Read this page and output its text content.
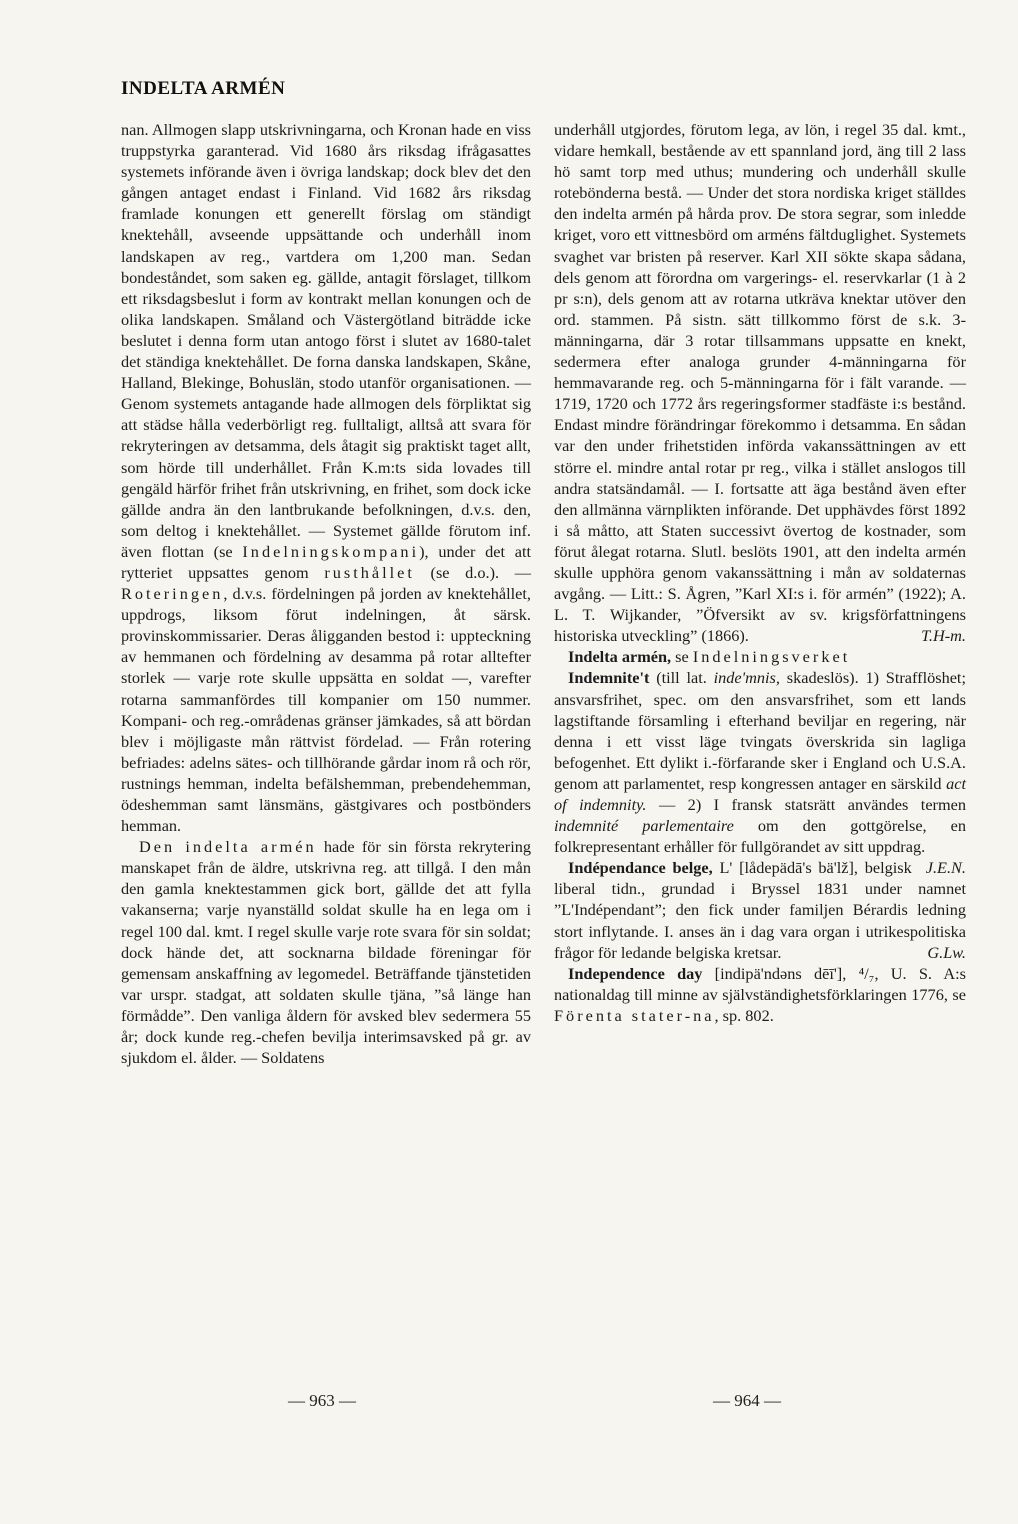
INDELTA ARMÉN

nan. Allmogen slapp utskrivningarna, och Kronan hade en viss truppstyrka garanterad. Vid 1680 års riksdag ifrågasattes systemets införande även i övriga landskap; dock blev det den gången antaget endast i Finland. Vid 1682 års riksdag framlade konungen ett generellt förslag om ständigt knektehåll, avseende uppsättande och underhåll inom landskapen av reg., vartdera om 1,200 man. Sedan bondeståndet, som saken eg. gällde, antagit förslaget, tillkom ett riksdagsbeslut i form av kontrakt mellan konungen och de olika landskapen. Småland och Västergötland biträdde icke beslutet i denna form utan antogo först i slutet av 1680-talet det ständiga knektehållet. De forna danska landskapen, Skåne, Halland, Blekinge, Bohuslän, stodo utanför organisationen. — Genom systemets antagande hade allmogen dels förpliktat sig att städse hålla vederbörligt reg. fulltaligt, alltså att svara för rekryteringen av detsamma, dels åtagit sig praktiskt taget allt, som hörde till underhållet. Från K.m:ts sida lovades till gengäld härför frihet från utskrivning, en frihet, som dock icke gällde andra än den lantbrukande befolkningen, d.v.s. den, som deltog i knektehållet. — Systemet gällde förutom inf. även flottan (se Indelningskompani), under det att rytteriet uppsattes genom rusthållet (se d.o.). — Roteringen, d.v.s. fördelningen på jorden av knektehållet, uppdrogs, liksom förut indelningen, åt särsk. provinskommissarier. Deras åligganden bestod i: uppteckning av hemmanen och fördelning av desamma på rotar alltefter storlek — varje rote skulle uppsätta en soldat —, varefter rotarna sammanfördes till kompanier om 150 nummer. Kompani- och reg.-områdenas gränser jämkades, så att bördan blev i möjligaste mån rättvist fördelad. — Från rotering befriades: adelns sätes- och tillhörande gårdar inom rå och rör, rustnings hemman, indelta befälshemman, prebendehemman, ödeshemman samt länsmäns, gästgivares och postbönders hemman.

Den indelta armén hade för sin första rekrytering manskapet från de äldre, utskrivna reg. att tillgå. I den mån den gamla knektestammen gick bort, gällde det att fylla vakanserna; varje nyanställd soldat skulle ha en lega om i regel 100 dal. kmt. I regel skulle varje rote svara för sin soldat; dock hände det, att socknarna bildade föreningar för gemensam anskaffning av legomedel. Beträffande tjänstetiden var urspr. stadgat, att soldaten skulle tjäna, ”så länge han förmådde”. Den vanliga åldern för avsked blev sedermera 55 år; dock kunde reg.-chefen bevilja interimsavsked på gr. av sjukdom el. ålder. — Soldatens

underhåll utgjordes, förutom lega, av lön, i regel 35 dal. kmt., vidare hemkall, bestående av ett spannland jord, äng till 2 lass hö samt torp med uthus; mundering och underhåll skulle rotebönderna bestå. — Under det stora nordiska kriget ställdes den indelta armén på hårda prov. De stora segrar, som inledde kriget, voro ett vittnesbörd om arméns fältduglighet. Systemets svaghet var bristen på reserver. Karl XII sökte skapa sådana, dels genom att förordna om vargerings- el. reservkarlar (1 à 2 pr s:n), dels genom att av rotarna utkräva knektar utöver den ord. stammen. På sistn. sätt tillkommo först de s.k. 3-männingarna, där 3 rotar tillsammans uppsatte en knekt, sedermera efter analoga grunder 4-männingarna för hemmavarande reg. och 5-männingarna för i fält varande. — 1719, 1720 och 1772 års regeringsformer stadfäste i:s bestånd. Endast mindre förändringar förekommo i detsamma. En sådan var den under frihetstiden införda vakanssättningen av ett större el. mindre antal rotar pr reg., vilka i stället anslogos till andra statsändamål. — I. fortsatte att äga bestånd även efter den allmänna värnplikten införande. Det upphävdes först 1892 i så måtto, att Staten successivt övertog de kostnader, som förut ålegat rotarna. Slutl. beslöts 1901, att den indelta armén skulle upphöra genom vakanssättning i mån av soldaternas avgång. — Litt.: S. Ågren, ”Karl XI:s i. för armén” (1922); A. L. T. Wijkander, ”Öfversikt av sv. krigsförfattningens historiska utveckling” (1866).	T.H-m.

Indelta armén, se Indelningsverket

Indemnite't (till lat. inde'mnis, skadeslös). 1) Strafflöshet; ansvarsfrihet, spec. om den ansvarsfrihet, som ett lands lagstiftande församling i efterhand beviljar en regering, när denna i ett visst läge tvingats överskrida sin lagliga befogenhet. Ett dylikt i.-förfarande sker i England och U.S.A. genom att parlamentet, resp kongressen antager en särskild act of indemnity. — 2) I fransk statsrätt användes termen indemnité parlementaire om den gottgörelse, en folkrepresentant erhåller för fullgörandet av sitt uppdrag.
J.E.N.

Indépendance belge, L' [lådepädā's bä'lž], belgisk liberal tidn., grundad i Bryssel 1831 under namnet ”L'Indépendant”; den fick under familjen Bérardis ledning stort inflytande. I. anses än i dag vara organ i utrikespolitiska frågor för ledande belgiska kretsar.	G.Lw.

Independence day [indipä'ndəns dēī'], ⁴/₇, U. S. A:s nationaldag till minne av självständighetsförklaringen 1776, se Förenta stater-na, sp. 802.

— 963 —	— 964 —
